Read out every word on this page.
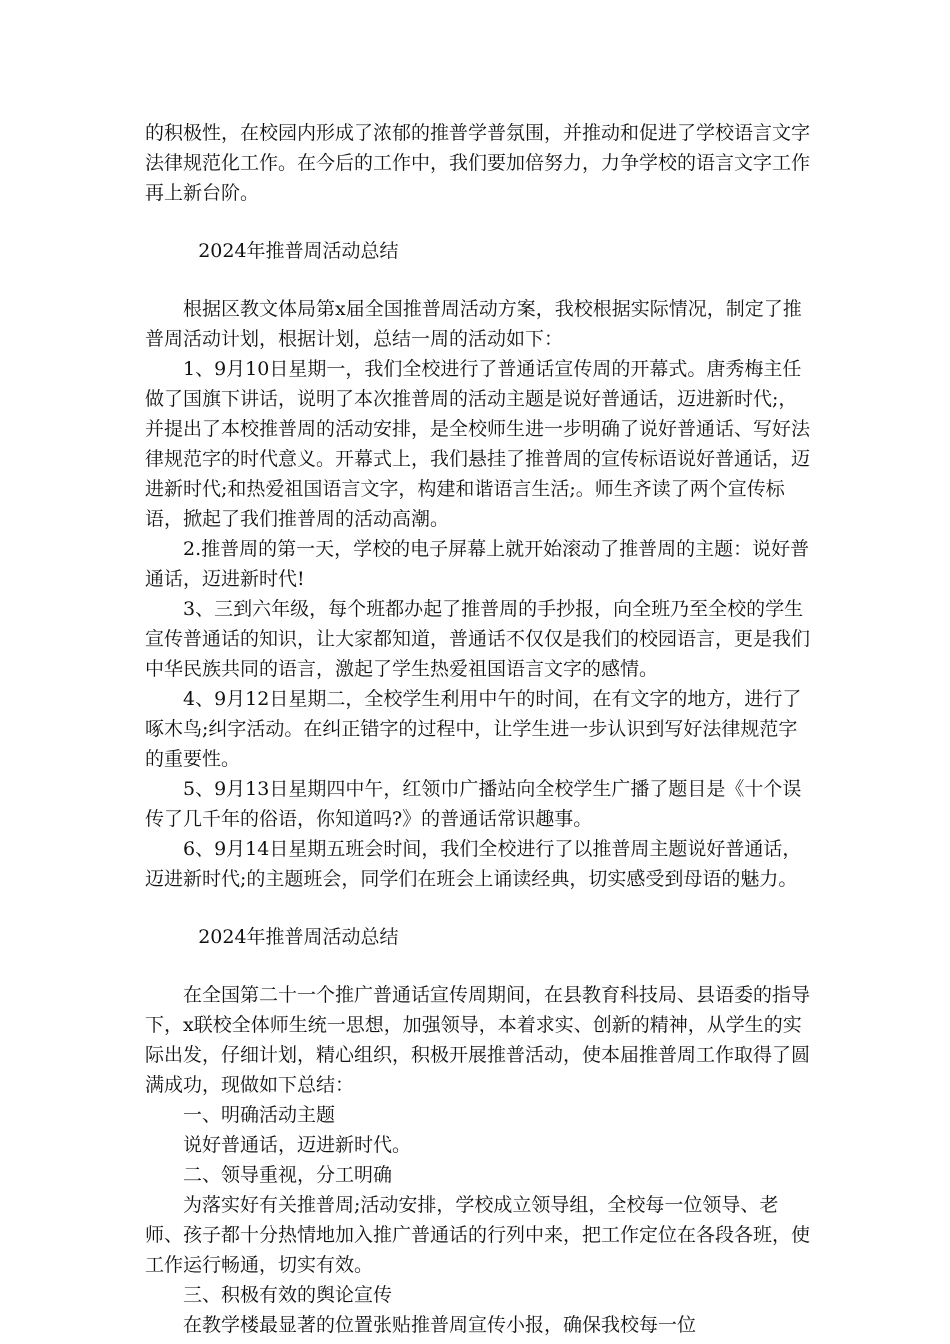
的积极性，在校园内形成了浓郁的推普学普氛围，并推动和促进了学校语言文字法律规范化工作。在今后的工作中，我们要加倍努力，力争学校的语言文字工作再上新台阶。

2024年推普周活动总结

根据区教文体局第x届全国推普周活动方案，我校根据实际情况，制定了推普周活动计划，根据计划，总结一周的活动如下：

1、9月10日星期一，我们全校进行了普通话宣传周的开幕式。唐秀梅主任做了国旗下讲话，说明了本次推普周的活动主题是说好普通话，迈进新时代;，并提出了本校推普周的活动安排，是全校师生进一步明确了说好普通话、写好法律规范字的时代意义。开幕式上，我们悬挂了推普周的宣传标语说好普通话，迈进新时代;和热爱祖国语言文字，构建和谐语言生活;。师生齐读了两个宣传标语，掀起了我们推普周的活动高潮。

2.推普周的第一天，学校的电子屏幕上就开始滚动了推普周的主题：说好普通话，迈进新时代!

3、三到六年级，每个班都办起了推普周的手抄报，向全班乃至全校的学生宣传普通话的知识，让大家都知道，普通话不仅仅是我们的校园语言，更是我们中华民族共同的语言，激起了学生热爱祖国语言文字的感情。

4、9月12日星期二，全校学生利用中午的时间，在有文字的地方，进行了啄木鸟;纠字活动。在纠正错字的过程中，让学生进一步认识到写好法律规范字的重要性。

5、9月13日星期四中午，红领巾广播站向全校学生广播了题目是《十个误传了几千年的俗语，你知道吗?》的普通话常识趣事。

6、9月14日星期五班会时间，我们全校进行了以推普周主题说好普通话，迈进新时代;的主题班会，同学们在班会上诵读经典，切实感受到母语的魅力。

2024年推普周活动总结

在全国第二十一个推广普通话宣传周期间，在县教育科技局、县语委的指导下，x联校全体师生统一思想，加强领导，本着求实、创新的精神，从学生的实际出发，仔细计划，精心组织，积极开展推普活动，使本届推普周工作取得了圆满成功，现做如下总结：

一、明确活动主题

说好普通话，迈进新时代。

二、领导重视，分工明确

为落实好有关推普周;活动安排，学校成立领导组，全校每一位领导、老师、孩子都十分热情地加入推广普通话的行列中来，把工作定位在各段各班，使工作运行畅通，切实有效。

三、积极有效的舆论宣传

在教学楼最显著的位置张贴推普周宣传小报，确保我校每一位
